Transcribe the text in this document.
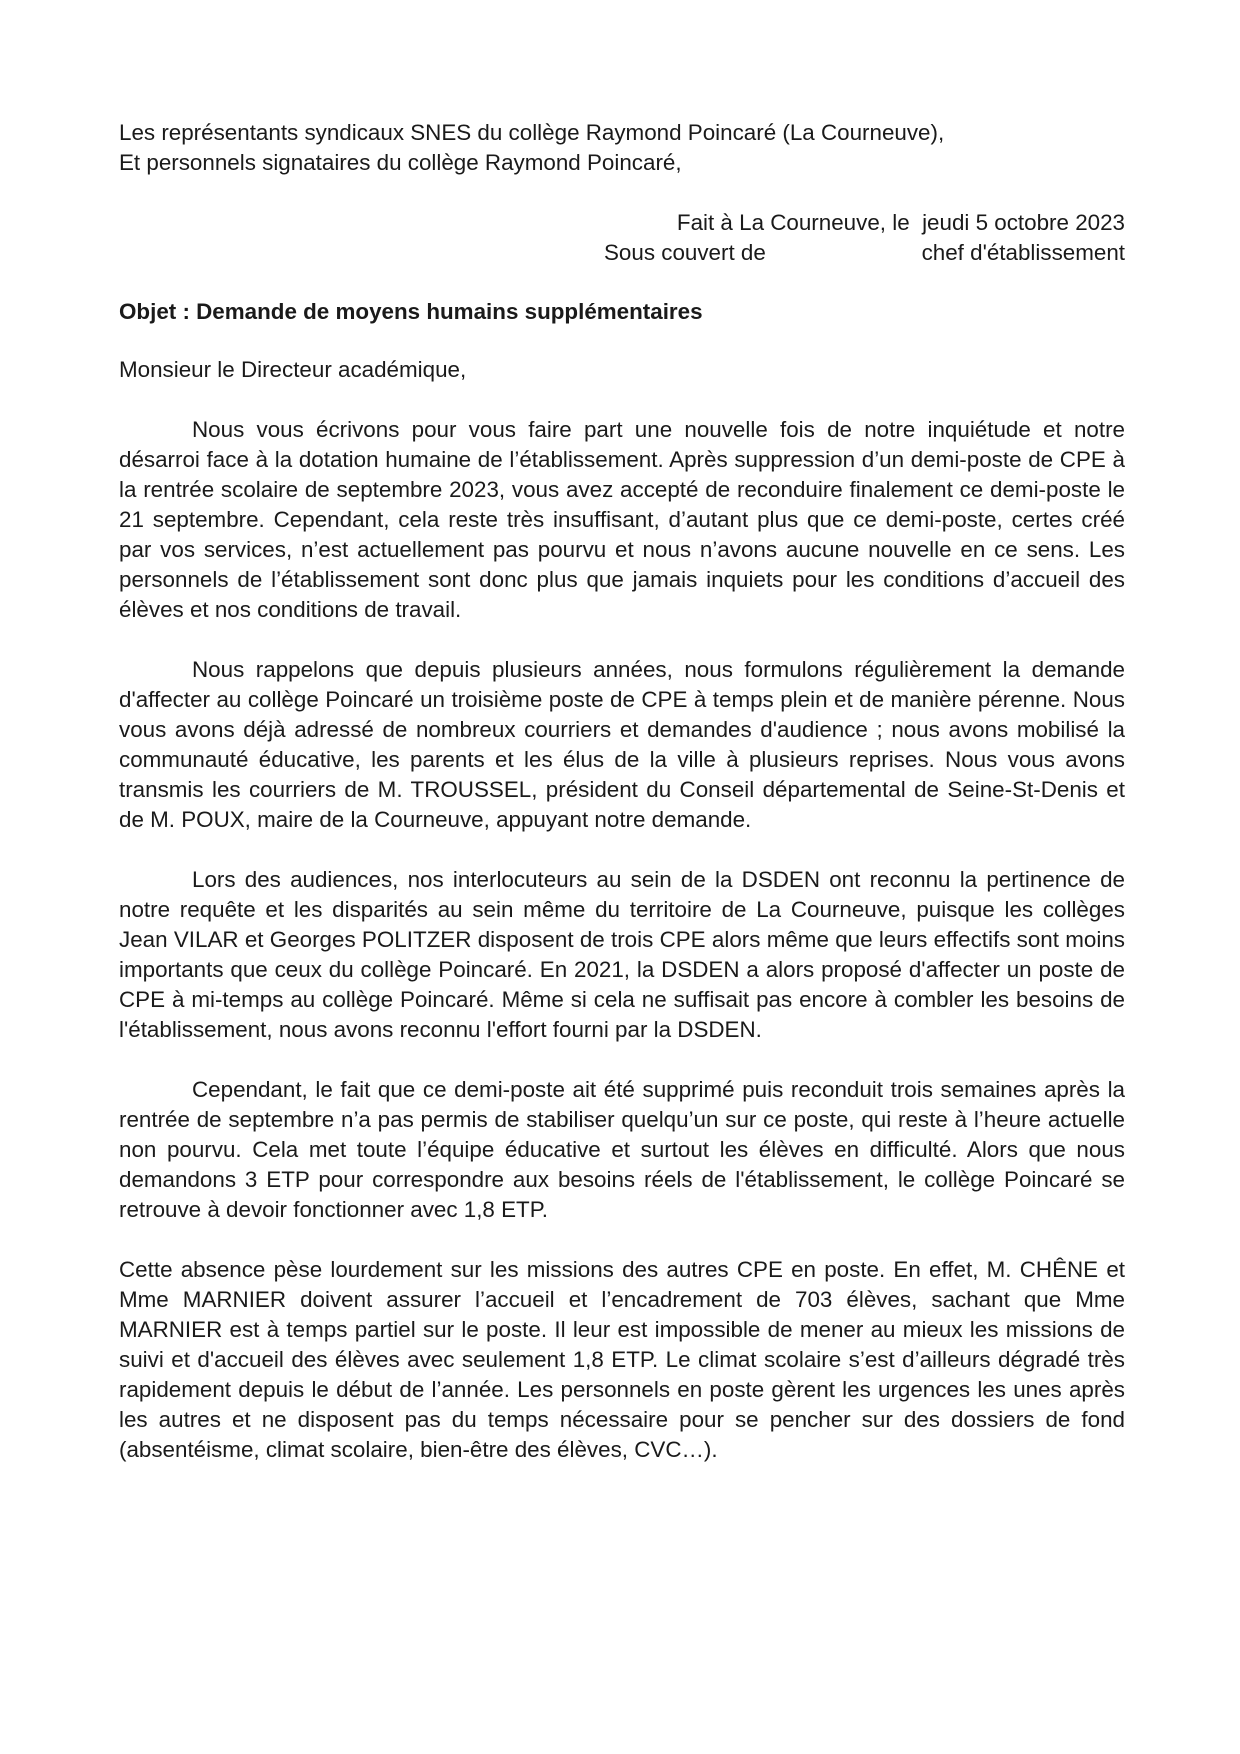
Les représentants syndicaux SNES du collège Raymond Poincaré (La Courneuve),

Et personnels signataires du collège Raymond Poincaré,

Fait à La Courneuve, le  jeudi 5 octobre 2023
Sous couvert de	chef d'établissement
Objet : Demande de moyens humains supplémentaires
Monsieur le Directeur académique,

Nous vous écrivons pour vous faire part une nouvelle fois de notre inquiétude et notre désarroi face à la dotation humaine de l’établissement. Après suppression d’un demi-poste de CPE à la rentrée scolaire de septembre 2023, vous avez accepté de reconduire finalement ce demi-poste le 21 septembre. Cependant, cela reste très insuffisant, d’autant plus que ce demi-poste, certes créé par vos services, n’est actuellement pas pourvu et nous n’avons aucune nouvelle en ce sens. Les personnels de l’établissement sont donc plus que jamais inquiets pour les conditions d’accueil des élèves et nos conditions de travail.

Nous rappelons que depuis plusieurs années, nous formulons régulièrement la demande d'affecter au collège Poincaré un troisième poste de CPE à temps plein et de manière pérenne. Nous vous avons déjà adressé de nombreux courriers et demandes d'audience ; nous avons mobilisé la communauté éducative, les parents et les élus de la ville à plusieurs reprises. Nous vous avons transmis les courriers de M. TROUSSEL, président du Conseil départemental de Seine-St-Denis et de M. POUX, maire de la Courneuve, appuyant notre demande.

Lors des audiences, nos interlocuteurs au sein de la DSDEN ont reconnu la pertinence de notre requête et les disparités au sein même du territoire de La Courneuve, puisque les collèges Jean VILAR et Georges POLITZER disposent de trois CPE alors même que leurs effectifs sont moins importants que ceux du collège Poincaré. En 2021, la DSDEN a alors proposé d'affecter un poste de CPE à mi-temps au collège Poincaré. Même si cela ne suffisait pas encore à combler les besoins de l'établissement, nous avons reconnu l'effort fourni par la DSDEN.

Cependant, le fait que ce demi-poste ait été supprimé puis reconduit trois semaines après la rentrée de septembre n’a pas permis de stabiliser quelqu’un sur ce poste, qui reste à l’heure actuelle non pourvu. Cela met toute l’équipe éducative et surtout les élèves en difficulté. Alors que nous demandons 3 ETP pour correspondre aux besoins réels de l'établissement, le collège Poincaré se retrouve à devoir fonctionner avec 1,8 ETP.

Cette absence pèse lourdement sur les missions des autres CPE en poste. En effet, M. CHÊNE et Mme MARNIER doivent assurer l’accueil et l’encadrement de 703 élèves, sachant que Mme MARNIER est à temps partiel sur le poste. Il leur est impossible de mener au mieux les missions de suivi et d'accueil des élèves avec seulement 1,8 ETP. Le climat scolaire s’est d’ailleurs dégradé très rapidement depuis le début de l’année. Les personnels en poste gèrent les urgences les unes après les autres et ne disposent pas du temps nécessaire pour se pencher sur des dossiers de fond (absentéisme, climat scolaire, bien-être des élèves, CVC…).
